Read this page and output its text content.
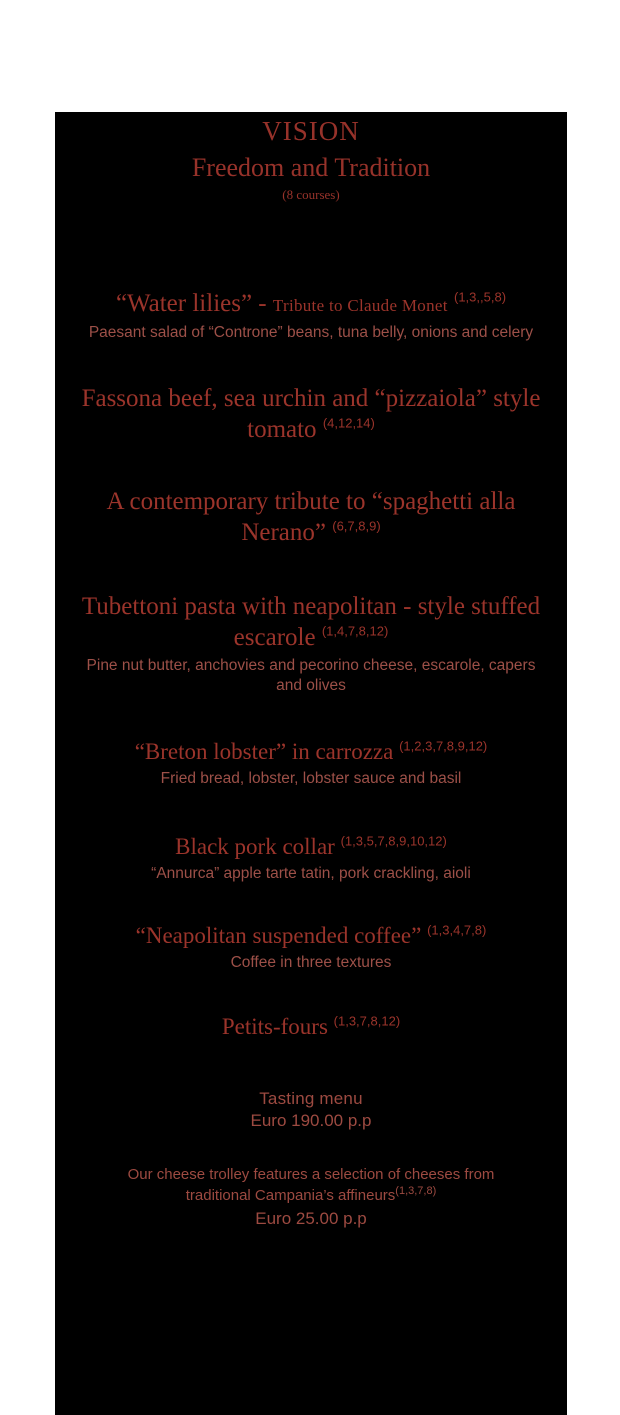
VISION
Freedom and Tradition
(8 courses)
“Water lilies” - Tribute to Claude Monet $^{(1,3,,5,8)}$
Paesant salad of “Controne” beans, tuna belly, onions and celery
Fassona beef, sea urchin and “pizzaiola” style tomato $^{(4,12,14)}$
A contemporary tribute to “spaghetti alla Nerano” $^{(6,7,8,9)}$
Tubettoni pasta with neapolitan - style stuffed escarole $^{(1,4,7,8,12)}$
Pine nut butter, anchovies and pecorino cheese, escarole, capers and olives
“Breton lobster” in carrozza $^{(1,2,3,7,8,9,12)}$
Fried bread, lobster, lobster sauce and basil
Black pork collar $^{(1,3,5,7,8,9,10,12)}$
“Annurca” apple tarte tatin, pork crackling, aioli
“Neapolitan suspended coffee” $^{(1,3,4,7,8)}$
Coffee in three textures
Petits-fours $^{(1,3,7,8,12)}$
Tasting menu
Euro 190.00 p.p
Our cheese trolley features a selection of cheeses from
traditional Campania’s affineurs$^{(1,3,7,8)}$
Euro 25.00 p.p
